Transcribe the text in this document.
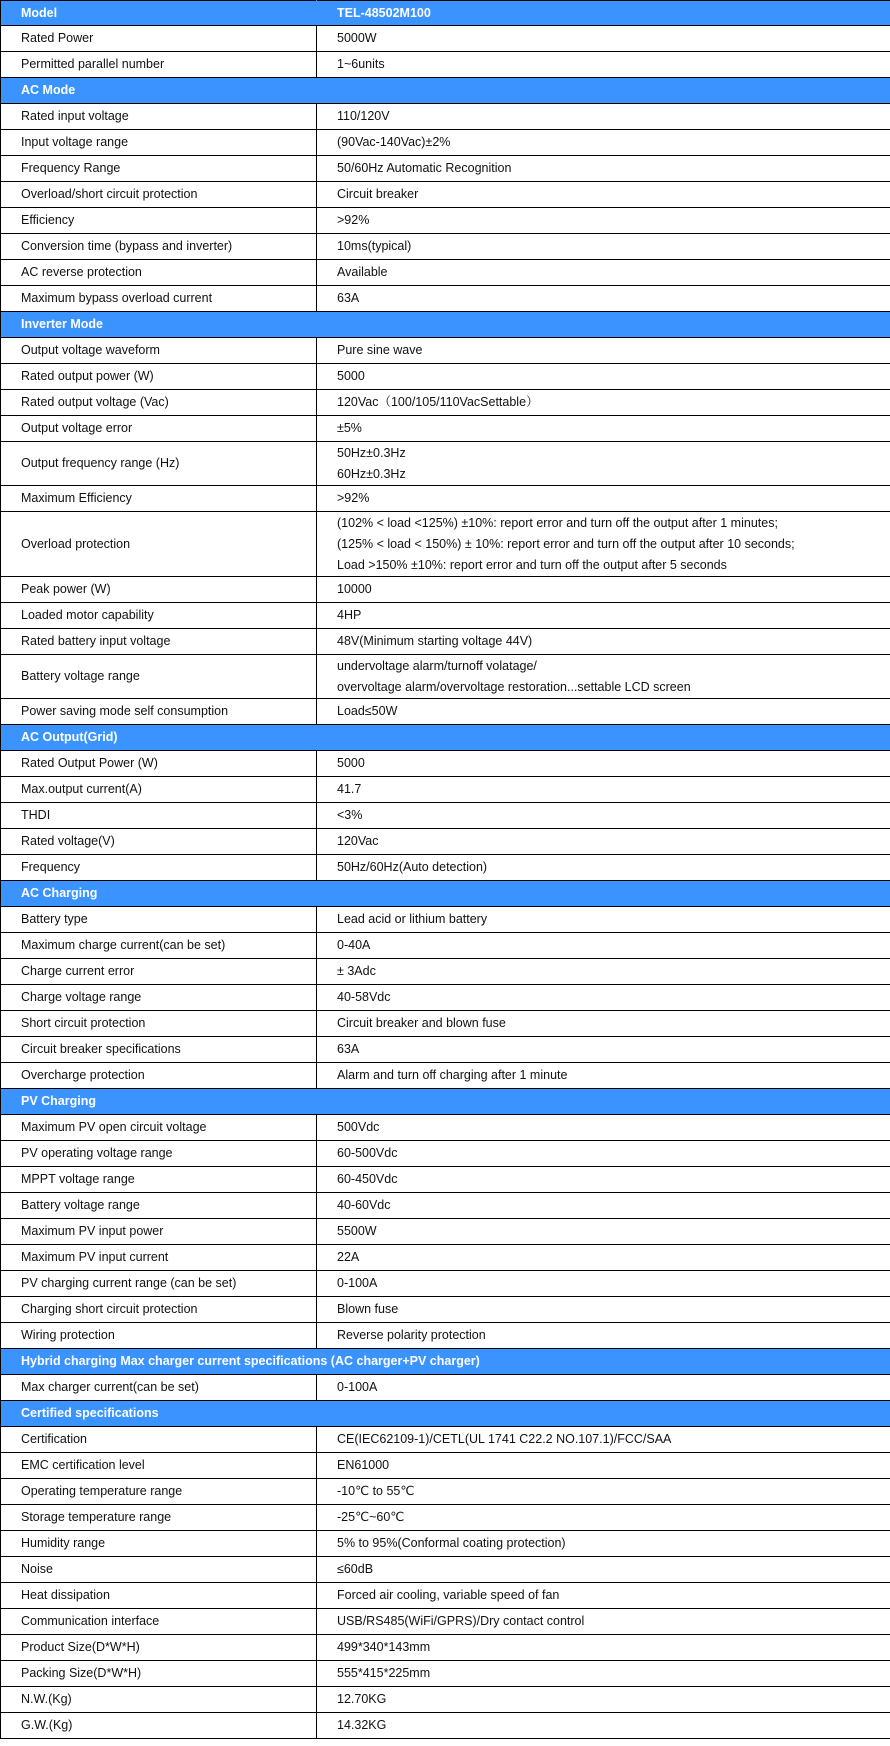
Model	TEL-48502M100
Rated Power	5000W

Permitted parallel number	1~6units

AC Mode	
Rated input voltage	110/120V

Input voltage range	(90Vac-140Vac)±2%

Frequency Range	50/60Hz Automatic Recognition

Overload/short circuit protection	Circuit breaker

Efficiency	>92%

Conversion time (bypass and inverter)	10ms(typical)

AC reverse protection	Available

Maximum bypass overload current	63A

Inverter Mode	
Output voltage waveform	Pure sine wave

Rated output power (W)	5000

Rated output voltage (Vac)	120Vac（100/105/110VacSettable）

Output voltage error	±5%

Output frequency range (Hz)	50Hz±0.3Hz
60Hz±0.3Hz

Maximum Efficiency	>92%

Overload protection	(102% < load <125%) ±10%: report error and turn off the output after 1 minutes;
(125% < load < 150%) ± 10%: report error and turn off the output after 10 seconds;
Load >150% ±10%: report error and turn off the output after 5 seconds

Peak power (W)	10000

Loaded motor capability	4HP

Rated battery input voltage	48V(Minimum starting voltage 44V)

Battery voltage range	undervoltage alarm/turnoff volatage/
overvoltage alarm/overvoltage restoration...settable LCD screen

Power saving mode self consumption	Load≤50W

AC Output(Grid)	
Rated Output Power (W)	5000

Max.output current(A)	41.7

THDI	<3%

Rated voltage(V)	120Vac

Frequency	50Hz/60Hz(Auto detection)

AC Charging	
Battery type	Lead acid or lithium battery

Maximum charge current(can be set)	0-40A

Charge current error	± 3Adc

Charge voltage range	40-58Vdc

Short circuit protection	Circuit breaker and blown fuse

Circuit breaker specifications	63A

Overcharge protection	Alarm and turn off charging after 1 minute

PV Charging	
Maximum PV open circuit voltage	500Vdc

PV operating voltage range	60-500Vdc

MPPT voltage range	60-450Vdc

Battery voltage range	40-60Vdc

Maximum PV input power	5500W

Maximum PV input current	22A

PV charging current range (can be set)	0-100A

Charging short circuit protection	Blown fuse

Wiring protection	Reverse polarity protection

Hybrid charging Max charger current specifications (AC charger+PV charger)	
Max charger current(can be set)	0-100A

Certified specifications	
Certification	CE(IEC62109-1)/CETL(UL 1741 C22.2 NO.107.1)/FCC/SAA

EMC certification level	EN61000

Operating temperature range	-10℃ to 55℃

Storage temperature range	-25℃~60℃

Humidity range	5% to 95%(Conformal coating protection)

Noise	≤60dB

Heat dissipation	Forced air cooling, variable speed of fan

Communication interface	USB/RS485(WiFi/GPRS)/Dry contact control

Product Size(D*W*H)	499*340*143mm

Packing Size(D*W*H)	555*415*225mm

N.W.(Kg)	12.70KG

G.W.(Kg)	14.32KG
